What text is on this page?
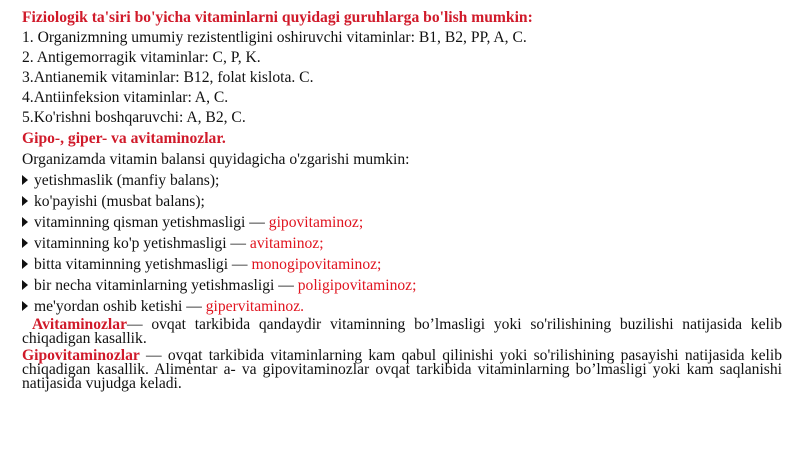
Fiziologik ta'siri bo'yicha vitaminlarni quyidagi guruhlarga bo'lish mumkin:
1. Organizmning umumiy rezistentligini oshiruvchi vitaminlar: B1, B2, PP, A, C.
2. Antigemorragik vitaminlar: C, P, K.
3.Antianemik vitaminlar: B12, folat kislota. C.
4.Antiinfeksion vitaminlar: A, C.
5.Ko'rishni boshqaruvchi: A, B2, C.
Gipo-, giper- va avitaminozlar.
Organizamda vitamin balansi quyidagicha o'zgarishi mumkin:
yetishmaslik (manfiy balans);
ko'payishi (musbat balans);
vitaminning qisman yetishmasligi — gipovitaminoz;
vitaminning ko'p yetishmasligi — avitaminoz;
bitta vitaminning yetishmasligi — monogipovitaminoz;
bir necha vitaminlarning yetishmasligi — poligipovitaminoz;
me'yordan oshib ketishi — gipervitaminoz.
Avitaminozlar— ovqat tarkibida qandaydir vitaminning bo’lmasligi yoki so'rilishining buzilishi natijasida kelib chiqadigan kasallik.
Gipovitaminozlar — ovqat tarkibida vitaminlarning kam qabul qilinishi yoki so'rilishining pasayishi natijasida kelib chiqadigan kasallik. Alimentar a- va gipovitaminozlar ovqat tarkibida vitaminlarning bo’lmasligi yoki kam saqlanishi natijasida vujudga keladi.
